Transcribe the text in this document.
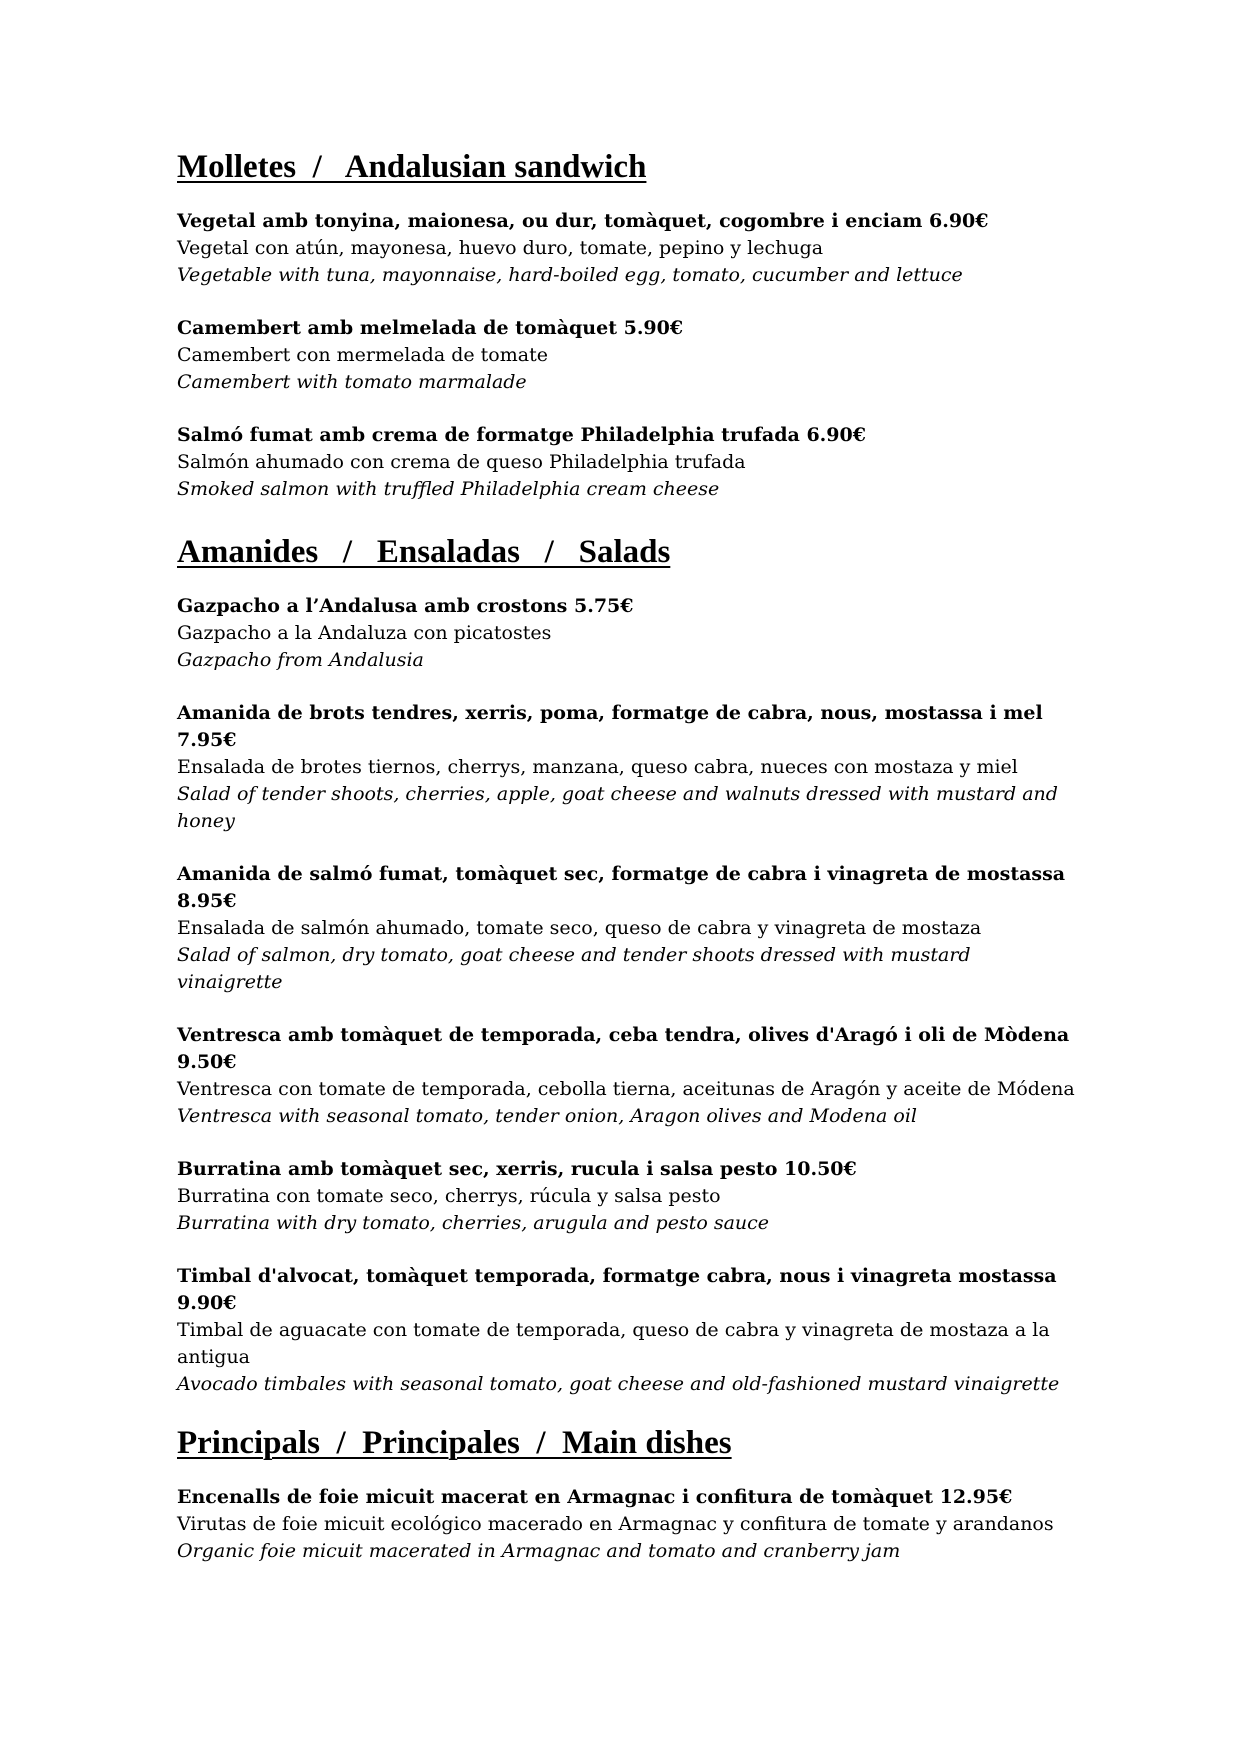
Molletes  /   Andalusian sandwich
Vegetal amb tonyina, maionesa, ou dur, tomàquet, cogombre i enciam 6.90€
Vegetal con atún, mayonesa, huevo duro, tomate, pepino y lechuga
Vegetable with tuna, mayonnaise, hard-boiled egg, tomato, cucumber and lettuce
Camembert amb melmelada de tomàquet 5.90€
Camembert con mermelada de tomate
Camembert with tomato marmalade
Salmó fumat amb crema de formatge Philadelphia trufada 6.90€
Salmón ahumado con crema de queso Philadelphia trufada
Smoked salmon with truffled Philadelphia cream cheese
Amanides   /   Ensaladas   /   Salads
Gazpacho a l’Andalusa amb crostons 5.75€
Gazpacho a la Andaluza con picatostes
Gazpacho from Andalusia
Amanida de brots tendres, xerris, poma, formatge de cabra, nous, mostassa i mel 7.95€
Ensalada de brotes tiernos, cherrys, manzana, queso cabra, nueces con mostaza y miel
Salad of tender shoots, cherries, apple, goat cheese and walnuts dressed with mustard and honey
Amanida de salmó fumat, tomàquet sec, formatge de cabra i vinagreta de mostassa 8.95€
Ensalada de salmón ahumado, tomate seco, queso de cabra y vinagreta de mostaza
Salad of salmon, dry tomato, goat cheese and tender shoots dressed with mustard vinaigrette
Ventresca amb tomàquet de temporada, ceba tendra, olives d'Aragó i oli de Mòdena 9.50€
Ventresca con tomate de temporada, cebolla tierna, aceitunas de Aragón y aceite de Módena
Ventresca with seasonal tomato, tender onion, Aragon olives and Modena oil
Burratina amb tomàquet sec, xerris, rucula i salsa pesto 10.50€
Burratina con tomate seco, cherrys, rúcula y salsa pesto
Burratina with dry tomato, cherries, arugula and pesto sauce
Timbal d'alvocat, tomàquet temporada, formatge cabra, nous i vinagreta mostassa 9.90€
Timbal de aguacate con tomate de temporada, queso de cabra y vinagreta de mostaza a la antigua
Avocado timbales with seasonal tomato, goat cheese and old-fashioned mustard vinaigrette
Principals  /  Principales  /  Main dishes
Encenalls de foie micuit macerat en Armagnac i confitura de tomàquet 12.95€
Virutas de foie micuit ecológico macerado en Armagnac y confitura de tomate y arandanos
Organic foie micuit macerated in Armagnac and tomato and cranberry jam
